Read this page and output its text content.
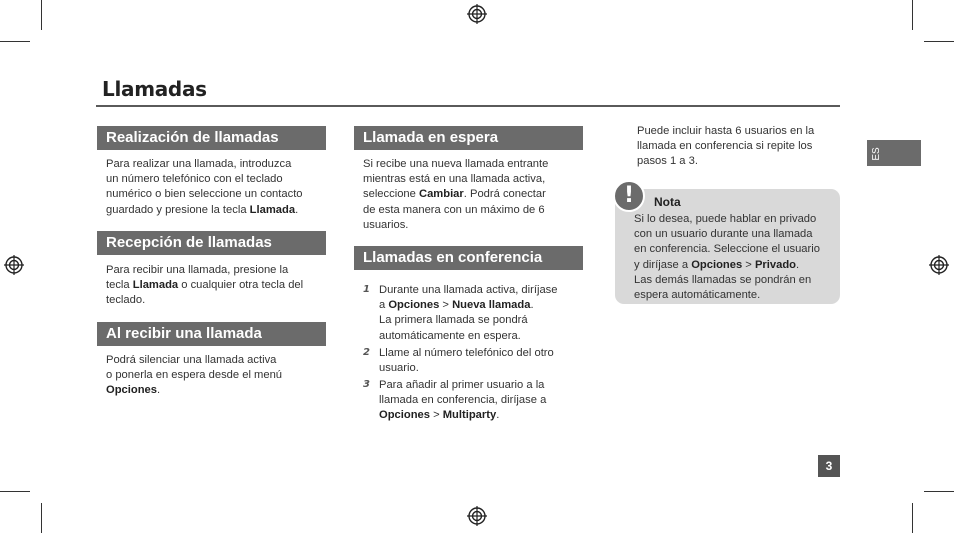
Llamadas
ES
Realización de llamadas
Para realizar una llamada, introduzca
un número telefónico con el teclado
numérico o bien seleccione un contacto
guardado y presione la tecla Llamada.
Recepción de llamadas
Para recibir una llamada, presione la
tecla Llamada o cualquier otra tecla del
teclado.
Al recibir una llamada
Podrá silenciar una llamada activa
o ponerla en espera desde el menú
Opciones.
Llamada en espera
Si recibe una nueva llamada entrante
mientras está en una llamada activa,
seleccione Cambiar. Podrá conectar
de esta manera con un máximo de 6
usuarios.
Llamadas en conferencia
1 Durante una llamada activa, diríjase
a Opciones > Nueva llamada.
La primera llamada se pondrá
automáticamente en espera.
2 Llame al número telefónico del otro
usuario.
3 Para añadir al primer usuario a la
llamada en conferencia, diríjase a
Opciones > Multiparty.
Puede incluir hasta 6 usuarios en la
llamada en conferencia si repite los
pasos 1 a 3.
!	Nota
Si lo desea, puede hablar en privado
con un usuario durante una llamada
en conferencia. Seleccione el usuario
y diríjase a Opciones > Privado.
Las demás llamadas se pondrán en
espera automáticamente.
3
